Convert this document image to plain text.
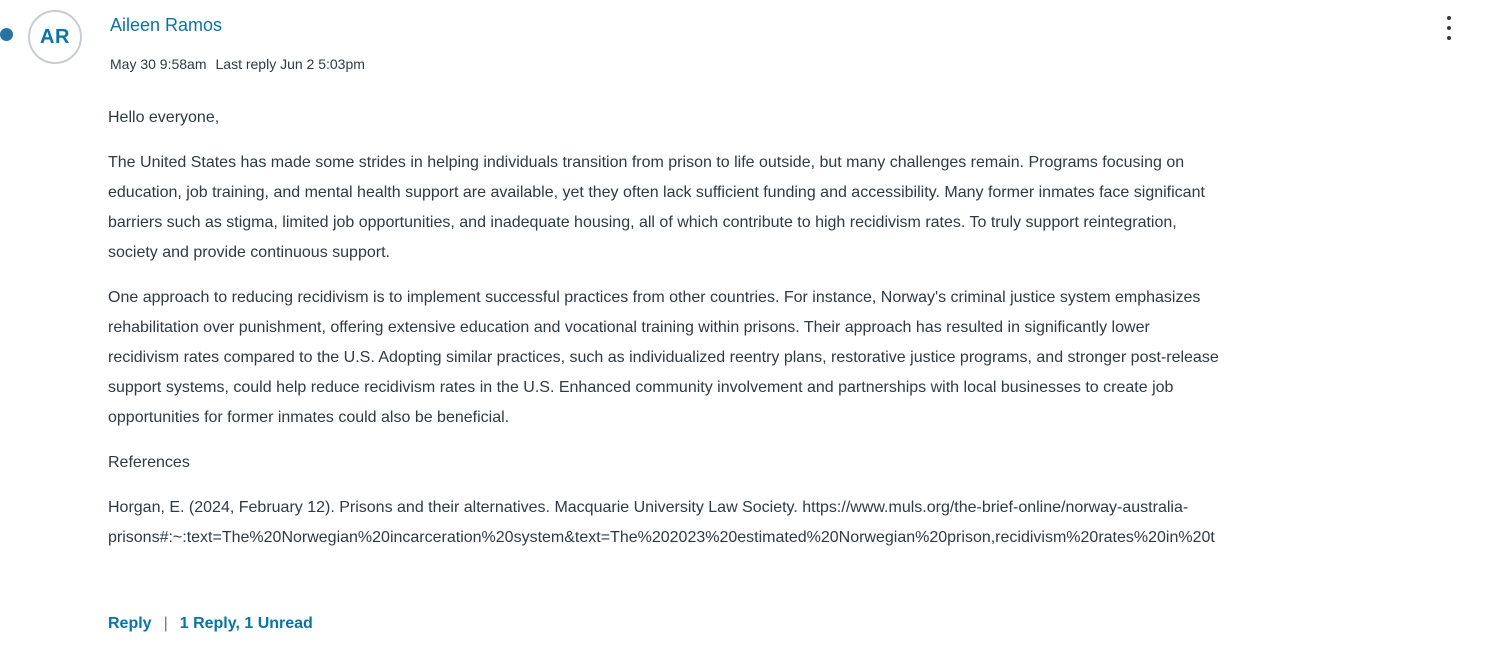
AR
Aileen Ramos
May 30 9:58am Last reply Jun 2 5:03pm
Hello everyone,
The United States has made some strides in helping individuals transition from prison to life outside, but many challenges remain. Programs focusing on
education, job training, and mental health support are available, yet they often lack sufficient funding and accessibility. Many former inmates face significant
barriers such as stigma, limited job opportunities, and inadequate housing, all of which contribute to high recidivism rates. To truly support reintegration,
society and provide continuous support.
One approach to reducing recidivism is to implement successful practices from other countries. For instance, Norway's criminal justice system emphasizes
rehabilitation over punishment, offering extensive education and vocational training within prisons. Their approach has resulted in significantly lower
recidivism rates compared to the U.S. Adopting similar practices, such as individualized reentry plans, restorative justice programs, and stronger post-release
support systems, could help reduce recidivism rates in the U.S. Enhanced community involvement and partnerships with local businesses to create job
opportunities for former inmates could also be beneficial.
References
Horgan, E. (2024, February 12). Prisons and their alternatives. Macquarie University Law Society. https://www.muls.org/the-brief-online/norway-australia-
prisons#:~:text=The%20Norwegian%20incarceration%20system&text=The%202023%20estimated%20Norwegian%20prison,recidivism%20rates%20in%20t
Reply | 1 Reply, 1 Unread
